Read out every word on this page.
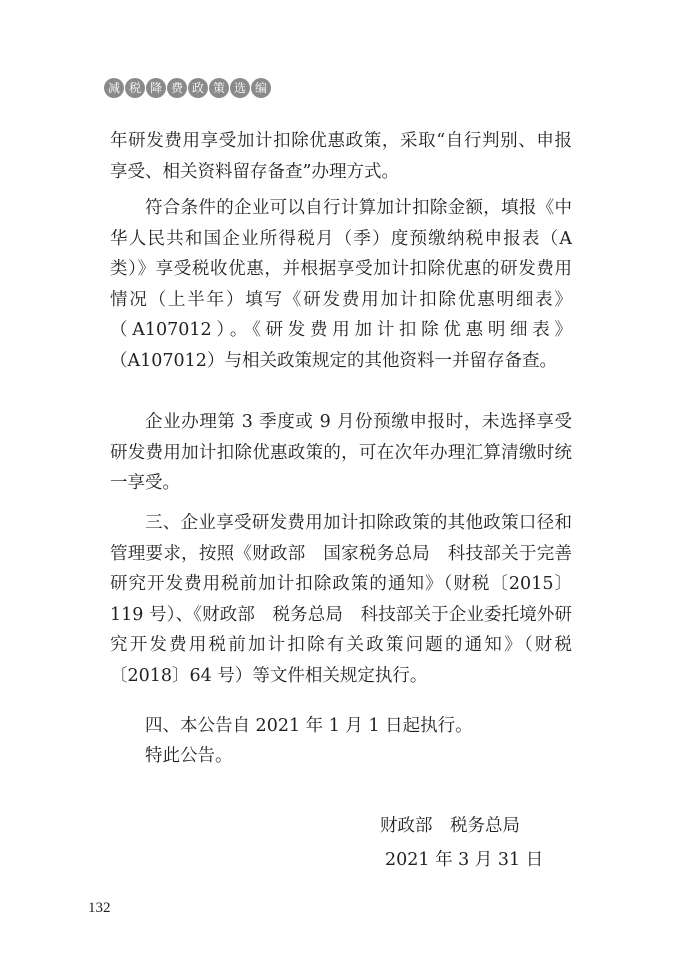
减 税 降 费 政 策 选 编

年研发费用享受加计扣除优惠政策，采取“自行判别、申报享受、相关资料留存备查”办理方式。

符合条件的企业可以自行计算加计扣除金额，填报《中华人民共和国企业所得税月（季）度预缴纳税申报表（A类）》享受税收优惠，并根据享受加计扣除优惠的研发费用情况（上半年）填写《研发费用加计扣除优惠明细表》（A107012）。《研发费用加计扣除优惠明细表》（A107012）与相关政策规定的其他资料一并留存备查。

企业办理第 3 季度或 9 月份预缴申报时，未选择享受研发费用加计扣除优惠政策的，可在次年办理汇算清缴时统一享受。

三、企业享受研发费用加计扣除政策的其他政策口径和管理要求，按照《财政部　国家税务总局　科技部关于完善研究开发费用税前加计扣除政策的通知》（财税〔2015〕119 号）、《财政部　税务总局　科技部关于企业委托境外研究开发费用税前加计扣除有关政策问题的通知》（财税〔2018〕64 号）等文件相关规定执行。

四、本公告自 2021 年 1 月 1 日起执行。

特此公告。

财政部　税务总局
2021 年 3 月 31 日
132
